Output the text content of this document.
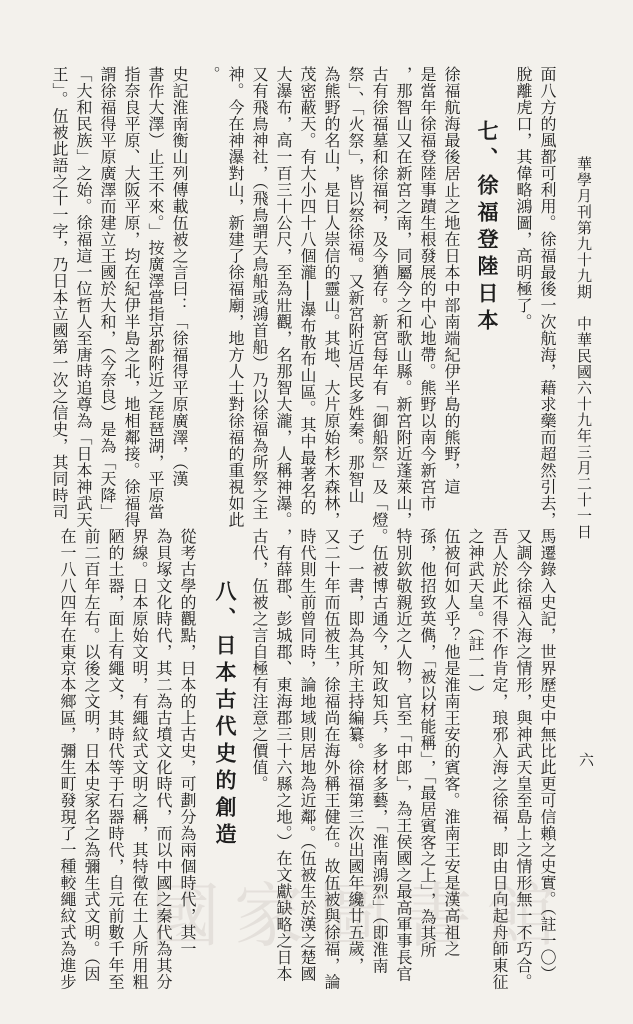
華學月刊第九十九期　中華民國六十九年三月二十一日
六
面八方的風都可利用。徐福最後一次航海，藉求藥而超然引去，
脫離虎口，其偉略鴻圖，高明極了。
七、徐福登陸日本
徐福航海最後居止之地在日本中部南端紀伊半島的熊野，這
是當年徐福登陸事蹟生根發展的中心地帶。熊野以南今新宮市
，那智山又在新宮之南，同屬今之和歌山縣。新宮附近蓬萊山，
古有徐福墓和徐福祠，及今猶存。新宮每年有「御船祭」及「燈
祭」、「火祭」，皆以祭徐福。又新宮附近居民多姓秦。那智山
為熊野的名山，是日人崇信的靈山。其地、大片原始杉木森林，
茂密蔽天。有大小四十八個瀧──瀑布散布山區。其中最著名的
大瀑布，高一百三十公尺，至為壯觀，名那智大瀧，人稱神瀑。
又有飛鳥神社，（飛鳥謂天鳥船或鴻首船）乃以徐福為所祭之主
神。今在神瀑對山，新建了徐福廟，地方人士對徐福的重視如此
。
史記淮南衡山列傳載伍被之言曰：「徐福得平原廣澤，（漢
書作大澤）止王不來。」按廣澤當指京都附近之琵琶湖，平原當
指奈良平原、大阪平原，均在紀伊半島之北，地相鄰接。徐福得
謂徐福得平原廣澤而建立王國於大和，（今奈良）是為「天降」
「大和民族」之始。徐福這一位哲人至唐時追尊為「日本神武天
王」。伍被此語之十一字，乃日本立國第一次之信史，其同時司
馬遷錄入史記，世界歷史中無比此更可信賴之史實。（註一〇）
又調今徐福入海之情形，與神武天皇至島上之情形無一不巧合。
吾人於此不得不作肯定，琅邪入海之徐福，即由日向起舟師東征
之神武天皇。（註一一）
伍被何如人乎？他是淮南王安的賓客。淮南王安是漢高祖之
孫，他招致英儁，「被以材能稱」，「最居賓客之上」，為其所
特別欽敬親近之人物，官至「中郎」，為王侯國之最高軍事長官
。伍被博古通今，知政知兵，多材多藝，「淮南鴻烈」（即淮南
子）一書，即為其所主持編纂。徐福第三次出國年纔廿五歲，
又二十年而伍被生，徐福尚在海外稱王健在。故伍被與徐福，論
時代則生前曾同時，論地域則居地為近鄰。（伍被生於漢之楚國
，有薛郡、彭城郡、東海郡三十六縣之地。）在文獻缺略之日本
古代，伍被之言自極有注意之價值。
八、日本古代史的創造
從考古學的觀點，日本的上古史，可劃分為兩個時代，其一
為貝塚文化時代，其二為古墳文化時代，而以中國之秦代為其分
界線。日本原始文明，有繩紋式文明之稱，其特徵在土人所用粗
陋的土器，面上有繩文，其時代等于石器時代，自元前數千年至
前二百年左右。以後之文明，日本史家名之為彌生式文明。（因
在一八八四年在東京本鄉區，彌生町發現了一種較繩紋式為進步 國家圖書館
